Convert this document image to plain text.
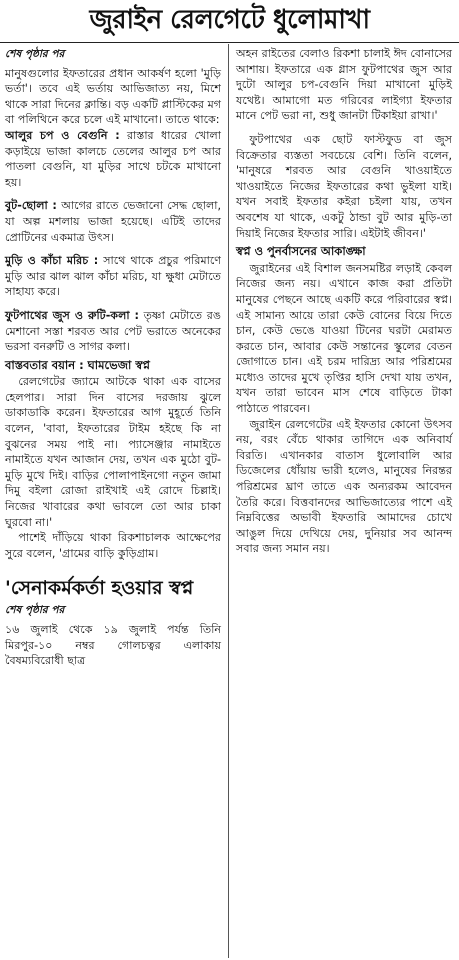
জুরাইন রেলগেটে ধুলোমাখা
শেষ পৃষ্ঠার পর

মানুষগুলোর ইফতারের প্রধান আকর্ষণ হলো 'মুড়ি ভর্তা'। তবে এই ভর্তায় আভিজাত্য নয়, মিশে থাকে সারা দিনের ক্লান্তি। বড় একটি প্লাস্টিকের মগ বা পলিথিনে করে চলে এই মাখানো। তাতে থাকে:

আলুর চপ ও বেগুনি : রাস্তার ধারের খোলা কড়াইয়ে ভাজা কালচে তেলের আলুর চপ আর পাতলা বেগুনি, যা মুড়ির সাথে চটকে মাখানো হয়।

বুট-ছোলা : আগের রাতে ভেজানো সেদ্ধ ছোলা, যা অল্প মশলায় ভাজা হয়েছে। এটিই তাদের প্রোটিনের একমাত্র উৎস।

মুড়ি ও কাঁচা মরিচ : সাথে থাকে প্রচুর পরিমাণে মুড়ি আর ঝাল ঝাল কাঁচা মরিচ, যা ক্ষুধা মেটাতে সাহায্য করে।

ফুটপাথের জুস ও রুটি-কলা : তৃষ্ণা মেটাতে রঙ মেশানো সস্তা শরবত আর পেট ভরাতে অনেকের ভরসা বনরুটি ও সাগর কলা।

বাস্তবতার বয়ান : ঘামভেজা স্বপ্ন

রেলগেটের জ্যামে আটকে থাকা এক বাসের হেলপার। সারা দিন বাসের দরজায় ঝুলে ডাকাডাকি করেন। ইফতারের আগ মুহূর্তে তিনি বলেন, 'বাবা, ইফতারের টাইম হইছে কি না বুঝনের সময় পাই না। প্যাসেঞ্জার নামাইতে নামাইতে যখন আজান দেয়, তখন এক মুঠো বুট-মুড়ি মুখে দিই। বাড়ির পোলাপাইনগো নতুন জামা দিমু বইলা রোজা রাইখাই এই রোদে চিল্লাই। নিজের খাবারের কথা ভাবলে তো আর চাকা ঘুরবো না।'

পাশেই দাঁড়িয়ে থাকা রিকশাচালক আক্ষেপের সুরে বলেন, 'গ্রামের বাড়ি কুড়িগ্রাম।

'সেনাকর্মকর্তা হওয়ার স্বপ্ন
শেষ পৃষ্ঠার পর

১৬ জুলাই থেকে ১৯ জুলাই পর্যন্ত তিনি মিরপুর-১০ নম্বর গোলচত্বর এলাকায় বৈষম্যবিরোধী ছাত্র

অহন রাইতের বেলাও রিকশা চালাই ঈদ বোনাসের আশায়। ইফতারে এক গ্লাস ফুটপাথের জুস আর দুটো আলুর চপ-বেগুনি দিয়া মাখানো মুড়িই যথেষ্ট। আমাগো মত গরিবের লাইগ্যা ইফতার মানে পেট ভরা না, শুধু জানটা টিকাইয়া রাখা।'

ফুটপাথের এক ছোট ফাস্টফুড বা জুস বিক্রেতার ব্যস্ততা সবচেয়ে বেশি। তিনি বলেন, 'মানুষরে শরবত আর বেগুনি খাওয়াইতে খাওয়াইতে নিজের ইফতারের কথা ভুইলা যাই। যখন সবাই ইফতার কইরা চইলা যায়, তখন অবশেষ যা থাকে, একটু ঠান্ডা বুট আর মুড়ি-তা দিয়াই নিজের ইফতার সারি। এইটাই জীবন।'

স্বপ্ন ও পুনর্বাসনের আকাঙ্ক্ষা

জুরাইনের এই বিশাল জনসমষ্টির লড়াই কেবল নিজের জন্য নয়। এখানে কাজ করা প্রতিটা মানুষের পেছনে আছে একটি করে পরিবারের স্বপ্ন। এই সামান্য আয়ে তারা কেউ বোনের বিয়ে দিতে চান, কেউ ভেঙে যাওয়া টিনের ঘরটা মেরামত করতে চান, আবার কেউ সন্তানের স্কুলের বেতন জোগাতে চান। এই চরম দারিদ্র্য আর পরিশ্রমের মধ্যেও তাদের মুখে তৃপ্তির হাসি দেখা যায় তখন, যখন তারা ভাবেন মাস শেষে বাড়িতে টাকা পাঠাতে পারবেন।

জুরাইন রেলগেটের এই ইফতার কোনো উৎসব নয়, বরং বেঁচে থাকার তাগিদে এক অনিবার্য বিরতি। এখানকার বাতাস ধুলোবালি আর ডিজেলের ধোঁয়ায় ভারী হলেও, মানুষের নিরন্তর পরিশ্রমের ঘ্রাণ তাতে এক অন্যরকম আবেদন তৈরি করে। বিত্তবানদের আভিজাত্যের পাশে এই নিম্নবিত্তের অভাবী ইফতারি আমাদের চোখে আঙুল দিয়ে দেখিয়ে দেয়, দুনিয়ার সব আনন্দ সবার জন্য সমান নয়।
